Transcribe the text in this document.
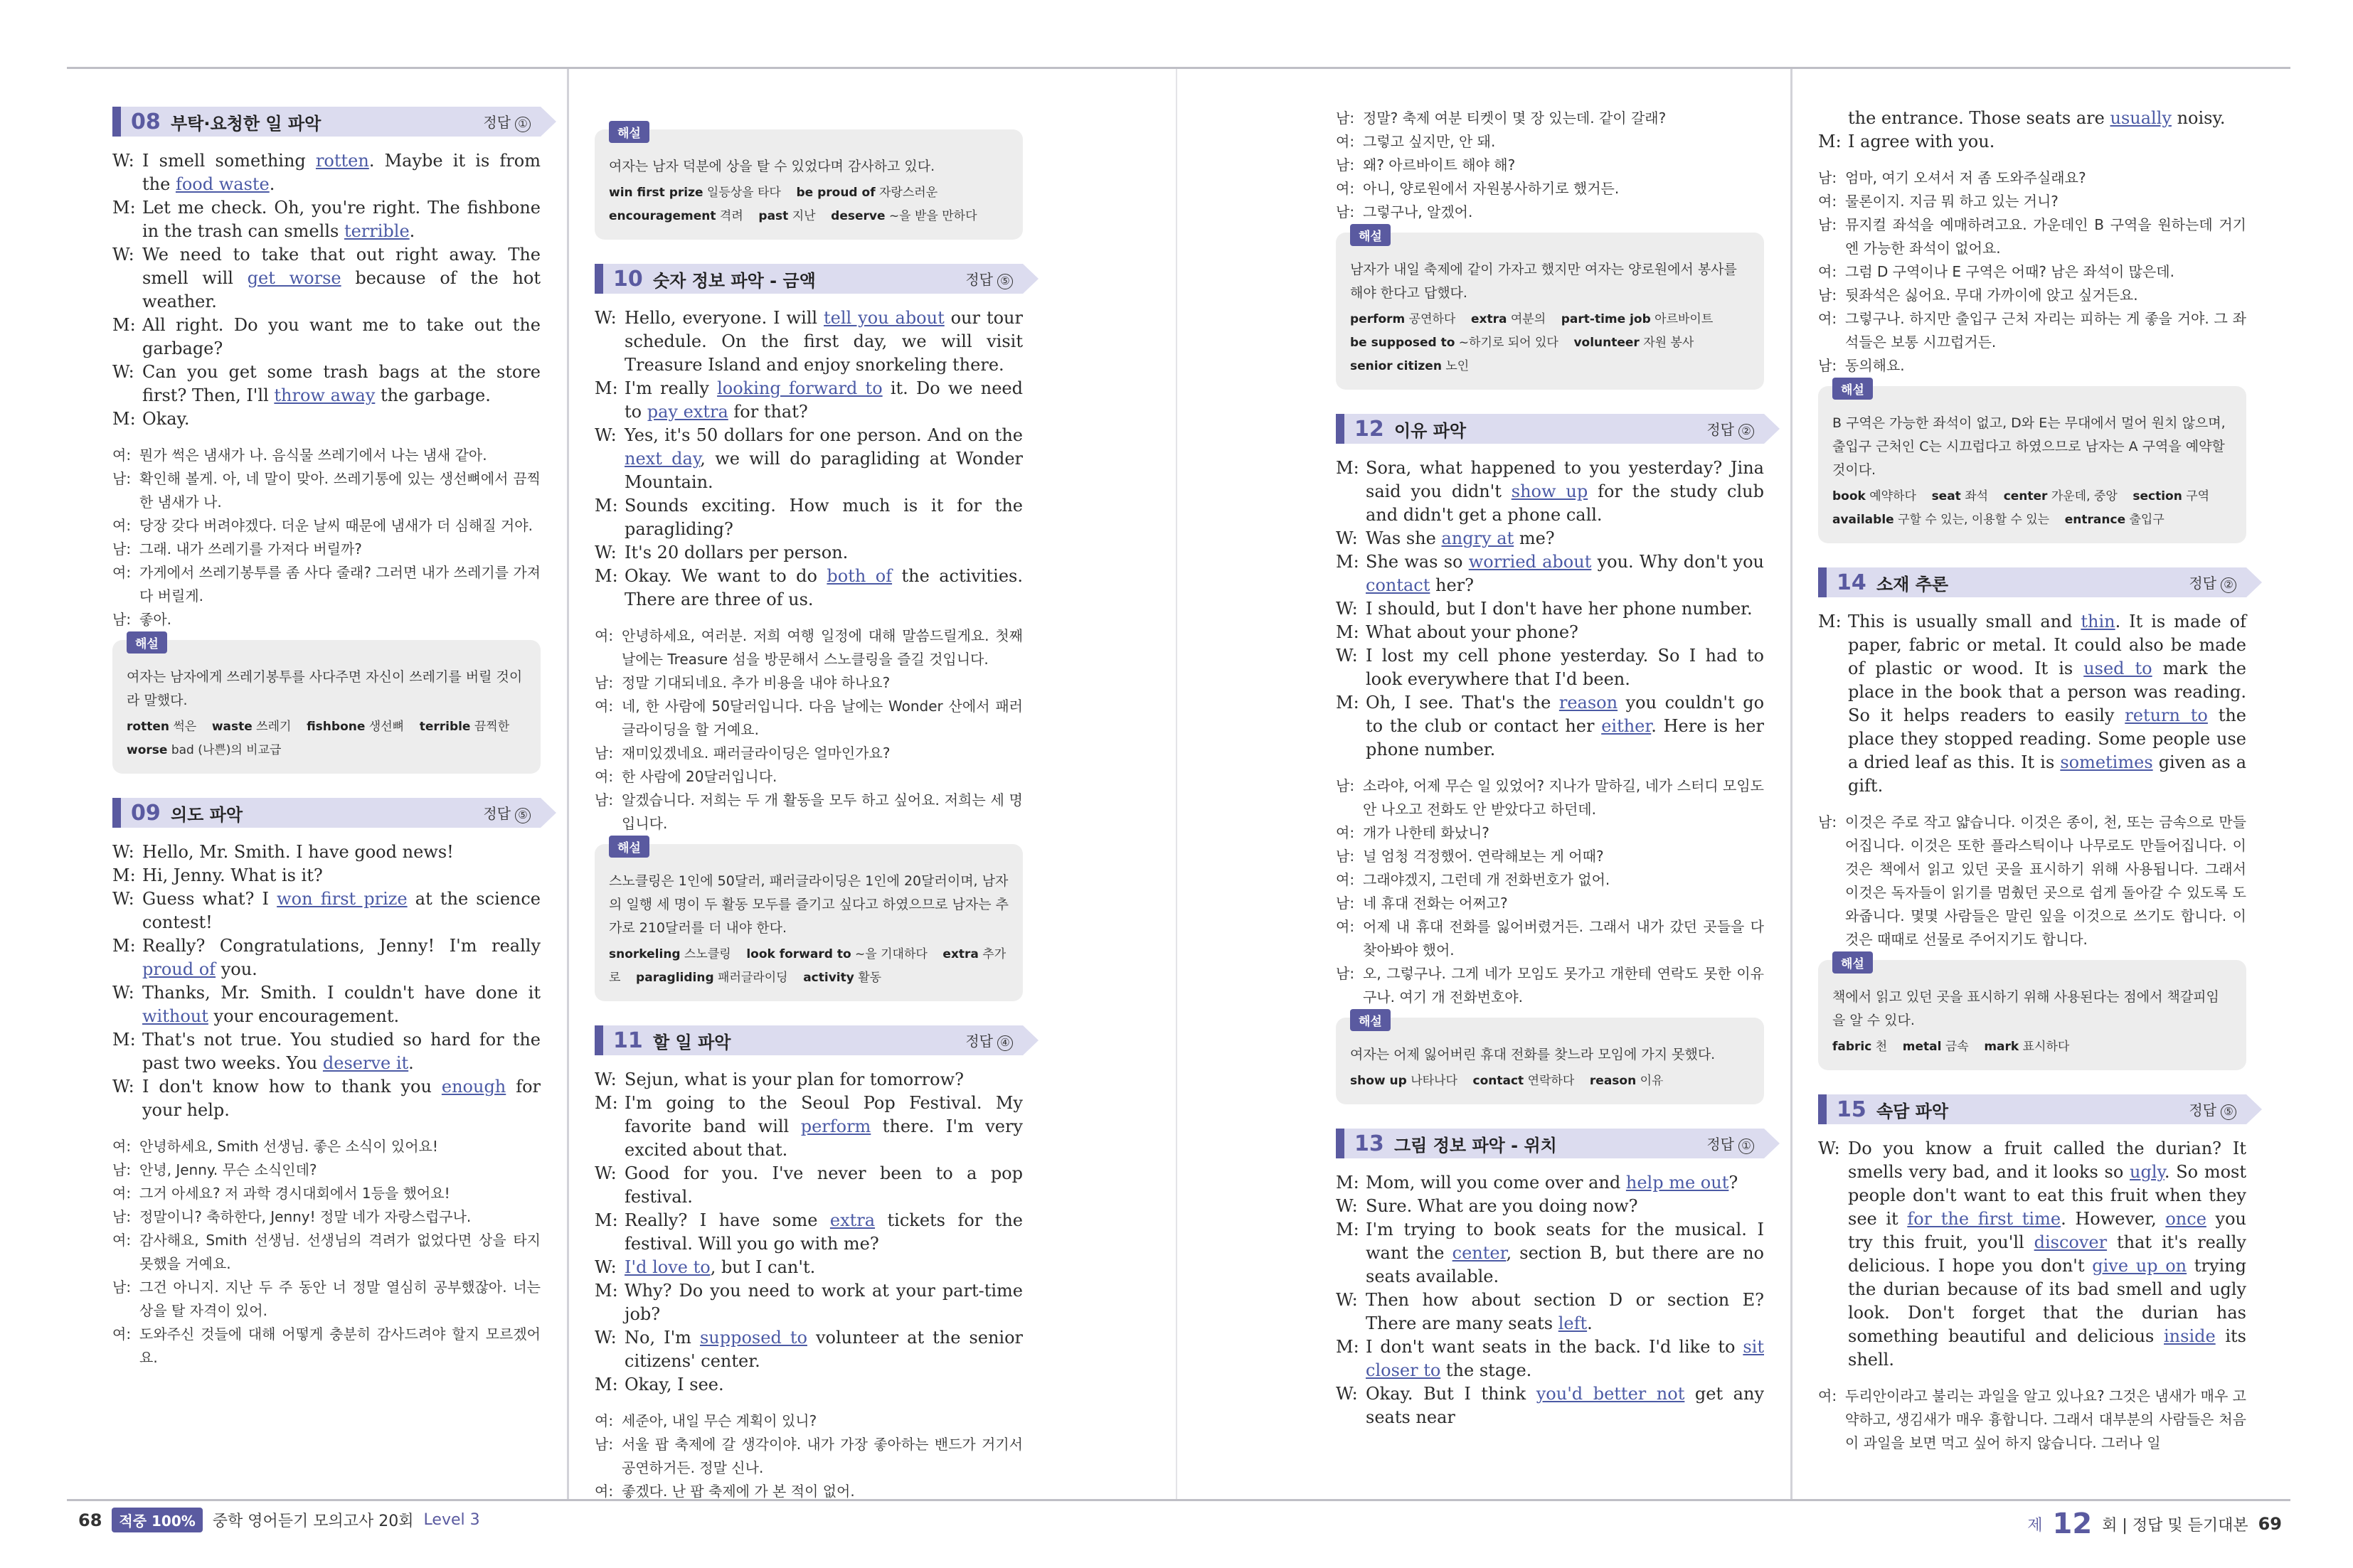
08 부탁·요청한 일 파악	정답 ①
W: I smell something rotten. Maybe it is from the food waste.
M: Let me check. Oh, you're right. The fishbone in the trash can smells terrible.
W: We need to take that out right away. The smell will get worse because of the hot weather.
M: All right. Do you want me to take out the garbage?
W: Can you get some trash bags at the store first? Then, I'll throw away the garbage.
M: Okay.
여: 뭔가 썩은 냄새가 나. 음식물 쓰레기에서 나는 냄새 같아.
남: 확인해 볼게. 아, 네 말이 맞아. 쓰레기통에 있는 생선뼈에서 끔찍한 냄새가 나.
여: 당장 갖다 버려야겠다. 더운 날씨 때문에 냄새가 더 심해질 거야.
남: 그래. 내가 쓰레기를 가져다 버릴까?
여: 가게에서 쓰레기봉투를 좀 사다 줄래? 그러면 내가 쓰레기를 가져다 버릴게.
남: 좋아.
해설
여자는 남자에게 쓰레기봉투를 사다주면 자신이 쓰레기를 버릴 것이라 말했다.
rotten 썩은    waste 쓰레기    fishbone 생선뼈    terrible 끔찍한
worse bad (나쁜)의 비교급
09 의도 파악	정답 ⑤
W: Hello, Mr. Smith. I have good news!
M: Hi, Jenny. What is it?
W: Guess what? I won first prize at the science contest!
M: Really? Congratulations, Jenny! I'm really proud of you.
W: Thanks, Mr. Smith. I couldn't have done it without your encouragement.
M: That's not true. You studied so hard for the past two weeks. You deserve it.
W: I don't know how to thank you enough for your help.
여: 안녕하세요, Smith 선생님. 좋은 소식이 있어요!
남: 안녕, Jenny. 무슨 소식인데?
여: 그거 아세요? 저 과학 경시대회에서 1등을 했어요!
남: 정말이니? 축하한다, Jenny! 정말 네가 자랑스럽구나.
여: 감사해요, Smith 선생님. 선생님의 격려가 없었다면 상을 타지 못했을 거예요.
남: 그건 아니지. 지난 두 주 동안 너 정말 열심히 공부했잖아. 너는 상을 탈 자격이 있어.
여: 도와주신 것들에 대해 어떻게 충분히 감사드려야 할지 모르겠어요.
해설
여자는 남자 덕분에 상을 탈 수 있었다며 감사하고 있다.
win first prize 일등상을 타다    be proud of 자랑스러운
encouragement 격려    past 지난    deserve ~을 받을 만하다
10 숫자 정보 파악 - 금액	정답 ⑤
W: Hello, everyone. I will tell you about our tour schedule. On the first day, we will visit Treasure Island and enjoy snorkeling there.
M: I'm really looking forward to it. Do we need to pay extra for that?
W: Yes, it's 50 dollars for one person. And on the next day, we will do paragliding at Wonder Mountain.
M: Sounds exciting. How much is it for the paragliding?
W: It's 20 dollars per person.
M: Okay. We want to do both of the activities. There are three of us.
여: 안녕하세요, 여러분. 저희 여행 일정에 대해 말씀드릴게요. 첫째 날에는 Treasure 섬을 방문해서 스노클링을 즐길 것입니다.
남: 정말 기대되네요. 추가 비용을 내야 하나요?
여: 네, 한 사람에 50달러입니다. 다음 날에는 Wonder 산에서 패러글라이딩을 할 거예요.
남: 재미있겠네요. 패러글라이딩은 얼마인가요?
여: 한 사람에 20달러입니다.
남: 알겠습니다. 저희는 두 개 활동을 모두 하고 싶어요. 저희는 세 명입니다.
해설
스노클링은 1인에 50달러, 패러글라이딩은 1인에 20달러이며, 남자의 일행 세 명이 두 활동 모두를 즐기고 싶다고 하였으므로 남자는 추가로 210달러를 더 내야 한다.
snorkeling 스노클링    look forward to ~을 기대하다    extra 추가로    paragliding 패러글라이딩    activity 활동
11 할 일 파악	정답 ④
W: Sejun, what is your plan for tomorrow?
M: I'm going to the Seoul Pop Festival. My favorite band will perform there. I'm very excited about that.
W: Good for you. I've never been to a pop festival.
M: Really? I have some extra tickets for the festival. Will you go with me?
W: I'd love to, but I can't.
M: Why? Do you need to work at your part-time job?
W: No, I'm supposed to volunteer at the senior citizens' center.
M: Okay, I see.
여: 세준아, 내일 무슨 계획이 있니?
남: 서울 팝 축제에 갈 생각이야. 내가 가장 좋아하는 밴드가 거기서 공연하거든. 정말 신나.
여: 좋겠다. 난 팝 축제에 가 본 적이 없어.
남: 정말? 축제 여분 티켓이 몇 장 있는데. 같이 갈래?
여: 그렇고 싶지만, 안 돼.
남: 왜? 아르바이트 해야 해?
여: 아니, 양로원에서 자원봉사하기로 했거든.
남: 그렇구나, 알겠어.
해설
남자가 내일 축제에 같이 가자고 했지만 여자는 양로원에서 봉사를 해야 한다고 답했다.
perform 공연하다    extra 여분의    part-time job 아르바이트
be supposed to ~하기로 되어 있다    volunteer 자원 봉사
senior citizen 노인
12 이유 파악	정답 ②
M: Sora, what happened to you yesterday? Jina said you didn't show up for the study club and didn't get a phone call.
W: Was she angry at me?
M: She was so worried about you. Why don't you contact her?
W: I should, but I don't have her phone number.
M: What about your phone?
W: I lost my cell phone yesterday. So I had to look everywhere that I'd been.
M: Oh, I see. That's the reason you couldn't go to the club or contact her either. Here is her phone number.
남: 소라야, 어제 무슨 일 있었어? 지나가 말하길, 네가 스터디 모임도 안 나오고 전화도 안 받았다고 하던데.
여: 개가 나한테 화났니?
남: 널 엄청 걱정했어. 연락해보는 게 어때?
여: 그래야겠지, 그런데 개 전화번호가 없어.
남: 네 휴대 전화는 어쩌고?
여: 어제 내 휴대 전화를 잃어버렸거든. 그래서 내가 갔던 곳들을 다 찾아봐야 했어.
남: 오, 그렇구나. 그게 네가 모임도 못가고 개한테 연락도 못한 이유구나. 여기 개 전화번호야.
해설
여자는 어제 잃어버린 휴대 전화를 찾느라 모임에 가지 못했다.
show up 나타나다    contact 연락하다    reason 이유
13 그림 정보 파악 - 위치	정답 ①
M: Mom, will you come over and help me out?
W: Sure. What are you doing now?
M: I'm trying to book seats for the musical. I want the center, section B, but there are no seats available.
W: Then how about section D or section E? There are many seats left.
M: I don't want seats in the back. I'd like to sit closer to the stage.
W: Okay. But I think you'd better not get any seats near
the entrance. Those seats are usually noisy.
M: I agree with you.
남: 엄마, 여기 오셔서 저 좀 도와주실래요?
여: 물론이지. 지금 뭐 하고 있는 거니?
남: 뮤지컬 좌석을 예매하려고요. 가운데인 B 구역을 원하는데 거기엔 가능한 좌석이 없어요.
여: 그럼 D 구역이나 E 구역은 어때? 남은 좌석이 많은데.
남: 뒷좌석은 싫어요. 무대 가까이에 앉고 싶거든요.
여: 그렇구나. 하지만 출입구 근처 자리는 피하는 게 좋을 거야. 그 좌석들은 보통 시끄럽거든.
남: 동의해요.
해설
B 구역은 가능한 좌석이 없고, D와 E는 무대에서 멀어 원치 않으며, 출입구 근처인 C는 시끄럽다고 하였으므로 남자는 A 구역을 예약할 것이다.
book 예약하다    seat 좌석    center 가운데, 중앙    section 구역
available 구할 수 있는, 이용할 수 있는    entrance 출입구
14 소재 추론	정답 ②
M: This is usually small and thin. It is made of paper, fabric or metal. It could also be made of plastic or wood. It is used to mark the place in the book that a person was reading. So it helps readers to easily return to the place they stopped reading. Some people use a dried leaf as this. It is sometimes given as a gift.
남: 이것은 주로 작고 얇습니다. 이것은 종이, 천, 또는 금속으로 만들어집니다. 이것은 또한 플라스틱이나 나무로도 만들어집니다. 이것은 책에서 읽고 있던 곳을 표시하기 위해 사용됩니다. 그래서 이것은 독자들이 읽기를 멈췄던 곳으로 쉽게 돌아갈 수 있도록 도와줍니다. 몇몇 사람들은 말린 잎을 이것으로 쓰기도 합니다. 이것은 때때로 선물로 주어지기도 합니다.
해설
책에서 읽고 있던 곳을 표시하기 위해 사용된다는 점에서 책갈피임을 알 수 있다.
fabric 천    metal 금속    mark 표시하다
15 속담 파악	정답 ⑤
W: Do you know a fruit called the durian? It smells very bad, and it looks so ugly. So most people don't want to eat this fruit when they see it for the first time. However, once you try this fruit, you'll discover that it's really delicious. I hope you don't give up on trying the durian because of its bad smell and ugly look. Don't forget that the durian has something beautiful and delicious inside its shell.
여: 두리안이라고 불리는 과일을 알고 있나요? 그것은 냄새가 매우 고약하고, 생김새가 매우 흉합니다. 그래서 대부분의 사람들은 처음 이 과일을 보면 먹고 싶어 하지 않습니다. 그러나 일
68	적중 100%	중학 영어듣기 모의고사 20회 Level 3	제 12 회 | 정답 및 듣기대본 69
